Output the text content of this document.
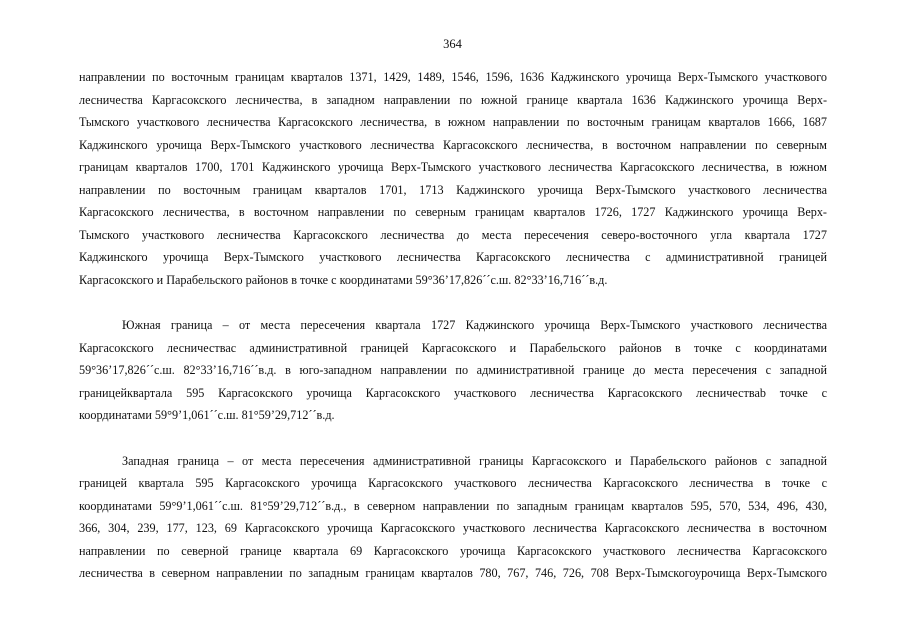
364

направлении по восточным границам кварталов 1371, 1429, 1489, 1546, 1596, 1636 Каджинского урочища Верх-Тымского участкового
лесничества Каргасокского лесничества, в западном направлении по южной границе квартала 1636 Каджинского урочища Верх-
Тымского участкового лесничества Каргасокского лесничества, в южном направлении по восточным границам кварталов 1666, 1687
Каджинского урочища Верх-Тымского участкового лесничества Каргасокского лесничества, в восточном направлении по северным
границам кварталов 1700, 1701 Каджинского урочища Верх-Тымского участкового лесничества Каргасокского лесничества, в южном
направлении по восточным границам кварталов 1701, 1713 Каджинского урочища Верх-Тымского участкового лесничества
Каргасокского лесничества, в восточном направлении по северным границам кварталов 1726, 1727 Каджинского урочища Верх-
Тымского участкового лесничества Каргасокского лесничества до места пересечения северо-восточного угла квартала 1727
Каджинского урочища Верх-Тымского участкового лесничества Каргасокского лесничества с административной границей
Каргасокского и Парабельского районов в точке с координатами 59°36’17,826´´с.ш. 82°33’16,716´´в.д.

Южная граница – от места пересечения квартала 1727 Каджинского урочища Верх-Тымского участкового лесничества
Каргасокского лесничествас административной границей Каргасокского и Парабельского районов в точке с координатами
59°36’17,826´´с.ш. 82°33’16,716´´в.д. в юго-западном направлении по административной границе до места пересечения с западной
границейквартала 595 Каргасокского урочища Каргасокского участкового лесничества Каргасокского лесничестваb точке с
координатами 59°9’1,061´´с.ш. 81°59’29,712´´в.д.

Западная граница – от места пересечения административной границы Каргасокского и Парабельского районов с западной
границей квартала 595 Каргасокского урочища Каргасокского участкового лесничества Каргасокского лесничества в точке с
координатами 59°9’1,061´´с.ш. 81°59’29,712´´в.д., в северном направлении по западным границам кварталов 595, 570, 534, 496, 430,
366, 304, 239, 177, 123, 69 Каргасокского урочища Каргасокского участкового лесничества Каргасокского лесничества в восточном
направлении по северной границе квартала 69 Каргасокского урочища Каргасокского участкового лесничества Каргасокского
лесничества в северном направлении по западным границам кварталов 780, 767, 746, 726, 708 Верх-Тымскогоурочища Верх-Тымского
